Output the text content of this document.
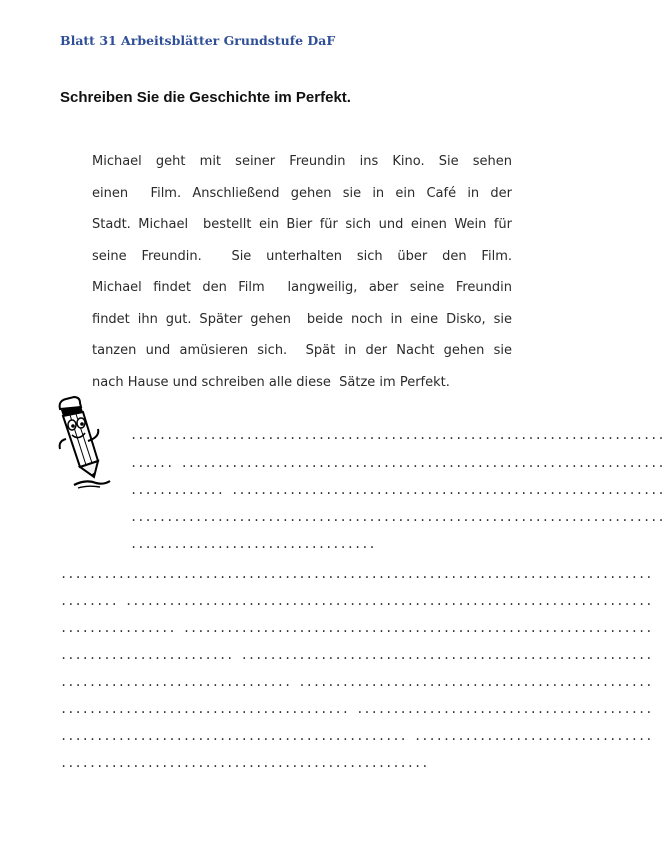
Blatt 31 Arbeitsblätter Grundstufe DaF
Schreiben Sie die Geschichte im Perfekt.
Michael geht mit seiner Freundin ins Kino. Sie sehen
einen  Film. Anschließend gehen sie in ein Café in der
Stadt. Michael  bestellt ein Bier für sich und einen Wein für
seine Freundin.  Sie unterhalten sich über den Film.
Michael findet den Film  langweilig, aber seine Freundin
findet ihn gut. Später gehen  beide noch in eine Disko, sie
tanzen und amüsieren sich.  Spät in der Nacht gehen sie
nach Hause und schreiben alle diese  Sätze im Perfekt.
..........................................................................
...... ...................................................................
............. ............................................................
..........................................................................
..................................
..................................................................................
........ .........................................................................
................ .................................................................
........................ .........................................................
................................ .................................................
........................................ .........................................
................................................ .................................
...................................................
